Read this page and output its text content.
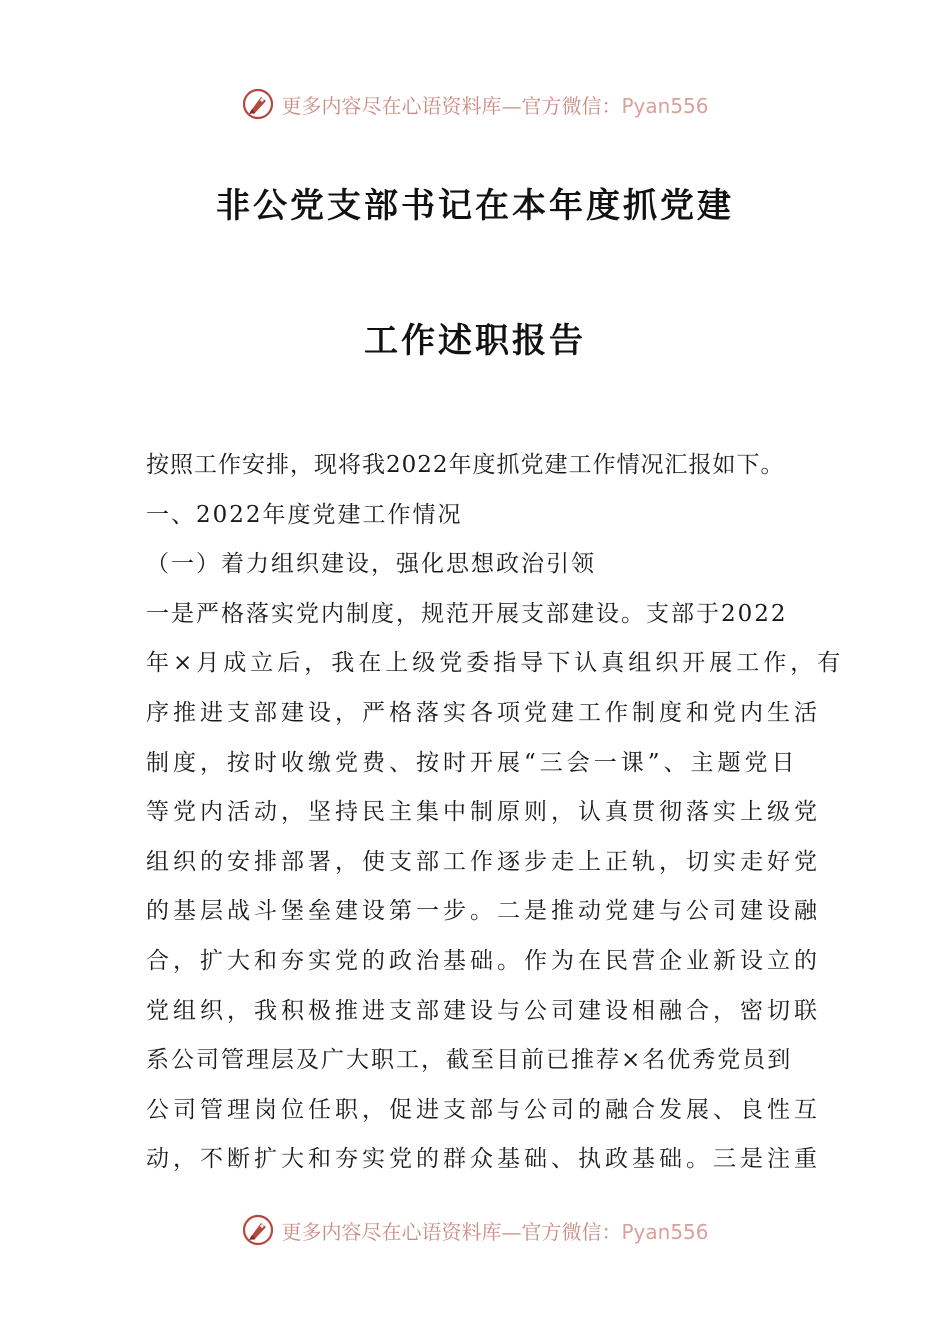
更多内容尽在心语资料库—官方微信：Pyan556
非公党支部书记在本年度抓党建
工作述职报告
按照工作安排，现将我2022年度抓党建工作情况汇报如下。
一、2022年度党建工作情况
（一）着力组织建设，强化思想政治引领
一是严格落实党内制度，规范开展支部建设。支部于2022
年×月成立后，我在上级党委指导下认真组织开展工作，有
序推进支部建设，严格落实各项党建工作制度和党内生活
制度，按时收缴党费、按时开展“三会一课”、主题党日
等党内活动，坚持民主集中制原则，认真贯彻落实上级党
组织的安排部署，使支部工作逐步走上正轨，切实走好党
的基层战斗堡垒建设第一步。二是推动党建与公司建设融
合，扩大和夯实党的政治基础。作为在民营企业新设立的
党组织，我积极推进支部建设与公司建设相融合，密切联
系公司管理层及广大职工，截至目前已推荐×名优秀党员到
公司管理岗位任职，促进支部与公司的融合发展、良性互
动，不断扩大和夯实党的群众基础、执政基础。三是注重
更多内容尽在心语资料库—官方微信：Pyan556
